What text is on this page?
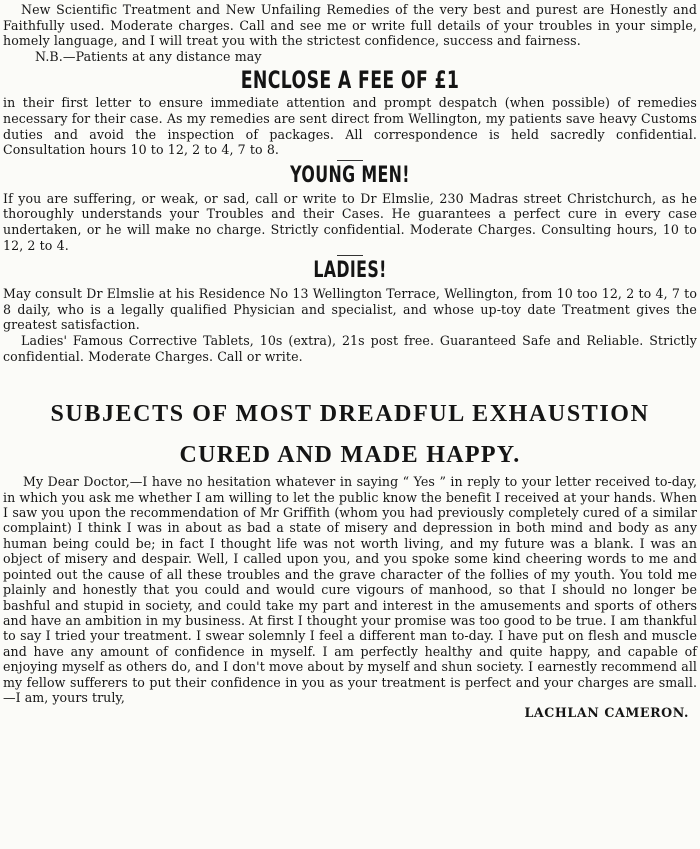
New Scientific Treatment and New Unfailing Remedies of the very best and purest are Honestly and Faithfully used. Moderate charges. Call and see me or write full details of your troubles in your simple, homely language, and I will treat you with the strictest confidence, success and fairness.

N.B.—Patients at any distance may

ENCLOSE A FEE OF £1

in their first letter to ensure immediate attention and prompt despatch (when possible) of remedies necessary for their case. As my remedies are sent direct from Wellington, my patients save heavy Customs duties and avoid the inspection of packages. All correspondence is held sacredly confidential. Consultation hours 10 to 12, 2 to 4, 7 to 8.

YOUNG MEN!

If you are suffering, or weak, or sad, call or write to Dr Elmslie, 230 Madras street Christchurch, as he thoroughly understands your Troubles and their Cases. He guarantees a perfect cure in every case undertaken, or he will make no charge. Strictly confidential. Moderate Charges. Consulting hours, 10 to 12, 2 to 4.

LADIES!

May consult Dr Elmslie at his Residence No 13 Wellington Terrace, Wellington, from 10 too 12, 2 to 4, 7 to 8 daily, who is a legally qualified Physician and specialist, and whose up-toy date Treatment gives the greatest satisfaction.

Ladies' Famous Corrective Tablets, 10s (extra), 21s post free. Guaranteed Safe and Reliable. Strictly confidential. Moderate Charges. Call or write.

SUBJECTS OF MOST DREADFUL EXHAUSTION
CURED AND MADE HAPPY.

My Dear Doctor,—I have no hesitation whatever in saying “ Yes ” in reply to your letter received to-day, in which you ask me whether I am willing to let the public know the benefit I received at your hands. When I saw you upon the recommendation of Mr Griffith (whom you had previously completely cured of a similar complaint) I think I was in about as bad a state of misery and depression in both mind and body as any human being could be; in fact I thought life was not worth living, and my future was a blank. I was an object of misery and despair. Well, I called upon you, and you spoke some kind cheering words to me and pointed out the cause of all these troubles and the grave character of the follies of my youth. You told me plainly and honestly that you could and would cure vigours of manhood, so that I should no longer be bashful and stupid in society, and could take my part and interest in the amusements and sports of others and have an ambition in my business. At first I thought your promise was too good to be true. I am thankful to say I tried your treatment. I swear solemnly I feel a different man to-day. I have put on flesh and muscle and have any amount of confidence in myself. I am perfectly healthy and quite happy, and capable of enjoying myself as others do, and I don't move about by myself and shun society. I earnestly recommend all my fellow sufferers to put their confidence in you as your treatment is perfect and your charges are small.—I am, yours truly,

LACHLAN CAMERON.
